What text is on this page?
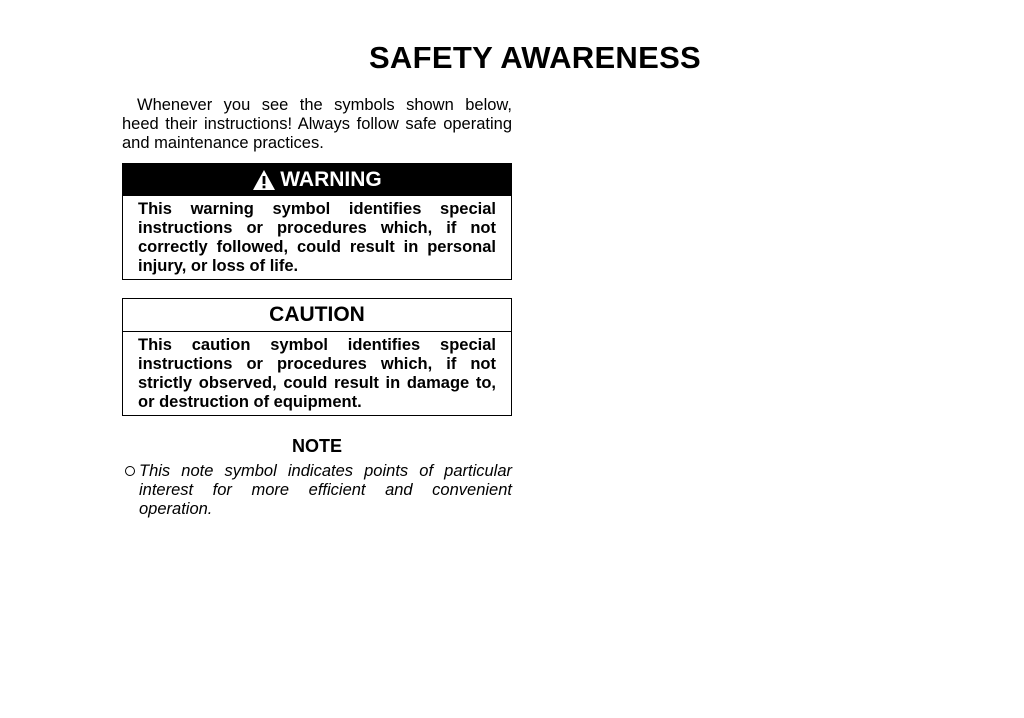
SAFETY AWARENESS

Whenever you see the symbols shown below, heed their instructions! Always follow safe operating and maintenance practices.

WARNING
This warning symbol identifies special instructions or procedures which, if not correctly followed, could result in personal injury, or loss of life.
CAUTION
This caution symbol identifies special instructions or procedures which, if not strictly observed, could result in damage to, or destruction of equipment.
NOTE
This note symbol indicates points of particular interest for more efficient and convenient operation.
